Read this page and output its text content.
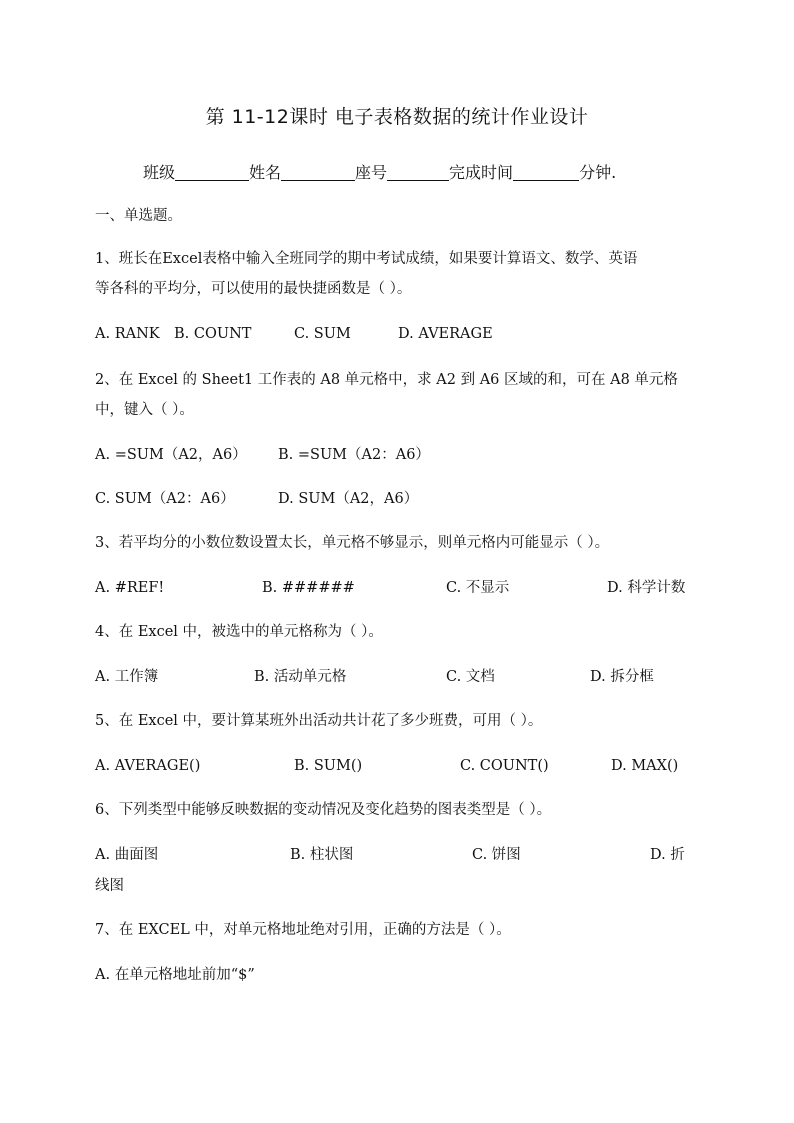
第 11-12课时 电子表格数据的统计作业设计
班级	姓名	座号	完成时间	分钟.
一、单选题。
1、班长在Excel表格中输入全班同学的期中考试成绩，如果要计算语文、数学、英语
等各科的平均分，可以使用的最快捷函数是（ ）。
A. RANK B. COUNT	C. SUM	D. AVERAGE
2、在 Excel 的 Sheet1 工作表的 A8 单元格中，求 A2 到 A6 区域的和，可在 A8 单元格
中，键入（ ）。
A. =SUM（A2，A6） B. =SUM（A2：A6）
C. SUM（A2：A6）	D. SUM（A2，A6）
3、若平均分的小数位数设置太长，单元格不够显示，则单元格内可能显示（ ）。
A. #REF!	B. ######	C. 不显示	D. 科学计数
4、在 Excel 中，被选中的单元格称为（ ）。
A. 工作簿	B. 活动单元格	C. 文档	D. 拆分框
5、在 Excel 中，要计算某班外出活动共计花了多少班费，可用（ ）。
A. AVERAGE()	B. SUM()	C. COUNT()	D. MAX()
6、下列类型中能够反映数据的变动情况及变化趋势的图表类型是（ ）。
A. 曲面图	B. 柱状图	C. 饼图	D. 折
线图
7、在 EXCEL 中，对单元格地址绝对引用，正确的方法是（ ）。
A. 在单元格地址前加“$”
